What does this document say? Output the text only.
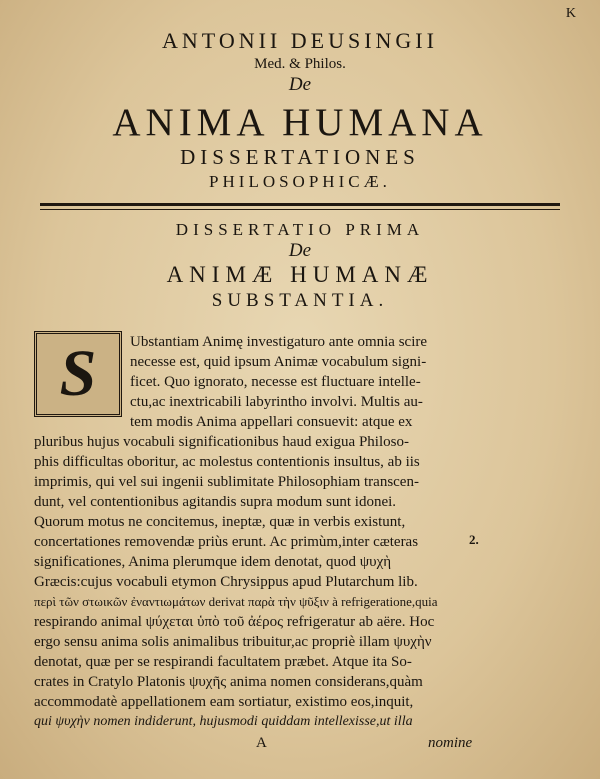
K
ANTONII DEUSINGII
Med. & Philos.
De
ANIMA HUMANA
DISSERTATIONES
PHILOSOPHICÆ.
DISSERTATIO PRIMA
De
ANIMÆ HUMANÆ
SUBSTANTIA.
S	Ubstantiam Animę investigaturo ante omnia scire
necesse est, quid ipsum Animæ vocabulum signi-
ficet. Quo ignorato, necesse est fluctuare intelle-
ctu,ac inextricabili labyrintho involvi. Multis au-
tem modis Anima appellari consuevit: atque ex
pluribus hujus vocabuli significationibus haud exigua Philoso-
phis difficultas oboritur, ac molestus contentionis insultus, ab iis
imprimis, qui vel sui ingenii sublimitate Philosophiam transcen-
dunt, vel contentionibus agitandis supra modum sunt idonei.
Quorum motus ne concitemus, ineptæ, quæ in verbis existunt,
concertationes removendæ priùs erunt. Ac primùm,inter cæteras
significationes, Anima plerumque idem denotat, quod ψυχὴ
Græcis:cujus vocabuli etymon Chrysippus apud Plutarchum lib.
περὶ τῶν στωικῶν ἐναντιωμάτων derivat παρὰ τὴν ψῦξιν à refrigeratione,quia
respirando animal ψύχεται ὑπὸ τοῦ ἀέρος refrigeratur ab aëre. Hoc
ergo sensu anima solis animalibus tribuitur,ac propriè illam ψυχὴν
denotat, quæ per se respirandi facultatem præbet. Atque ita So-
crates in Cratylo Platonis ψυχῆς anima nomen considerans,quàm
accommodatè appellationem eam sortiatur, existimo eos,inquit,
qui ψυχὴν nomen indiderunt, hujusmodi quiddam intellexisse,ut illa
2.
A	nomine
